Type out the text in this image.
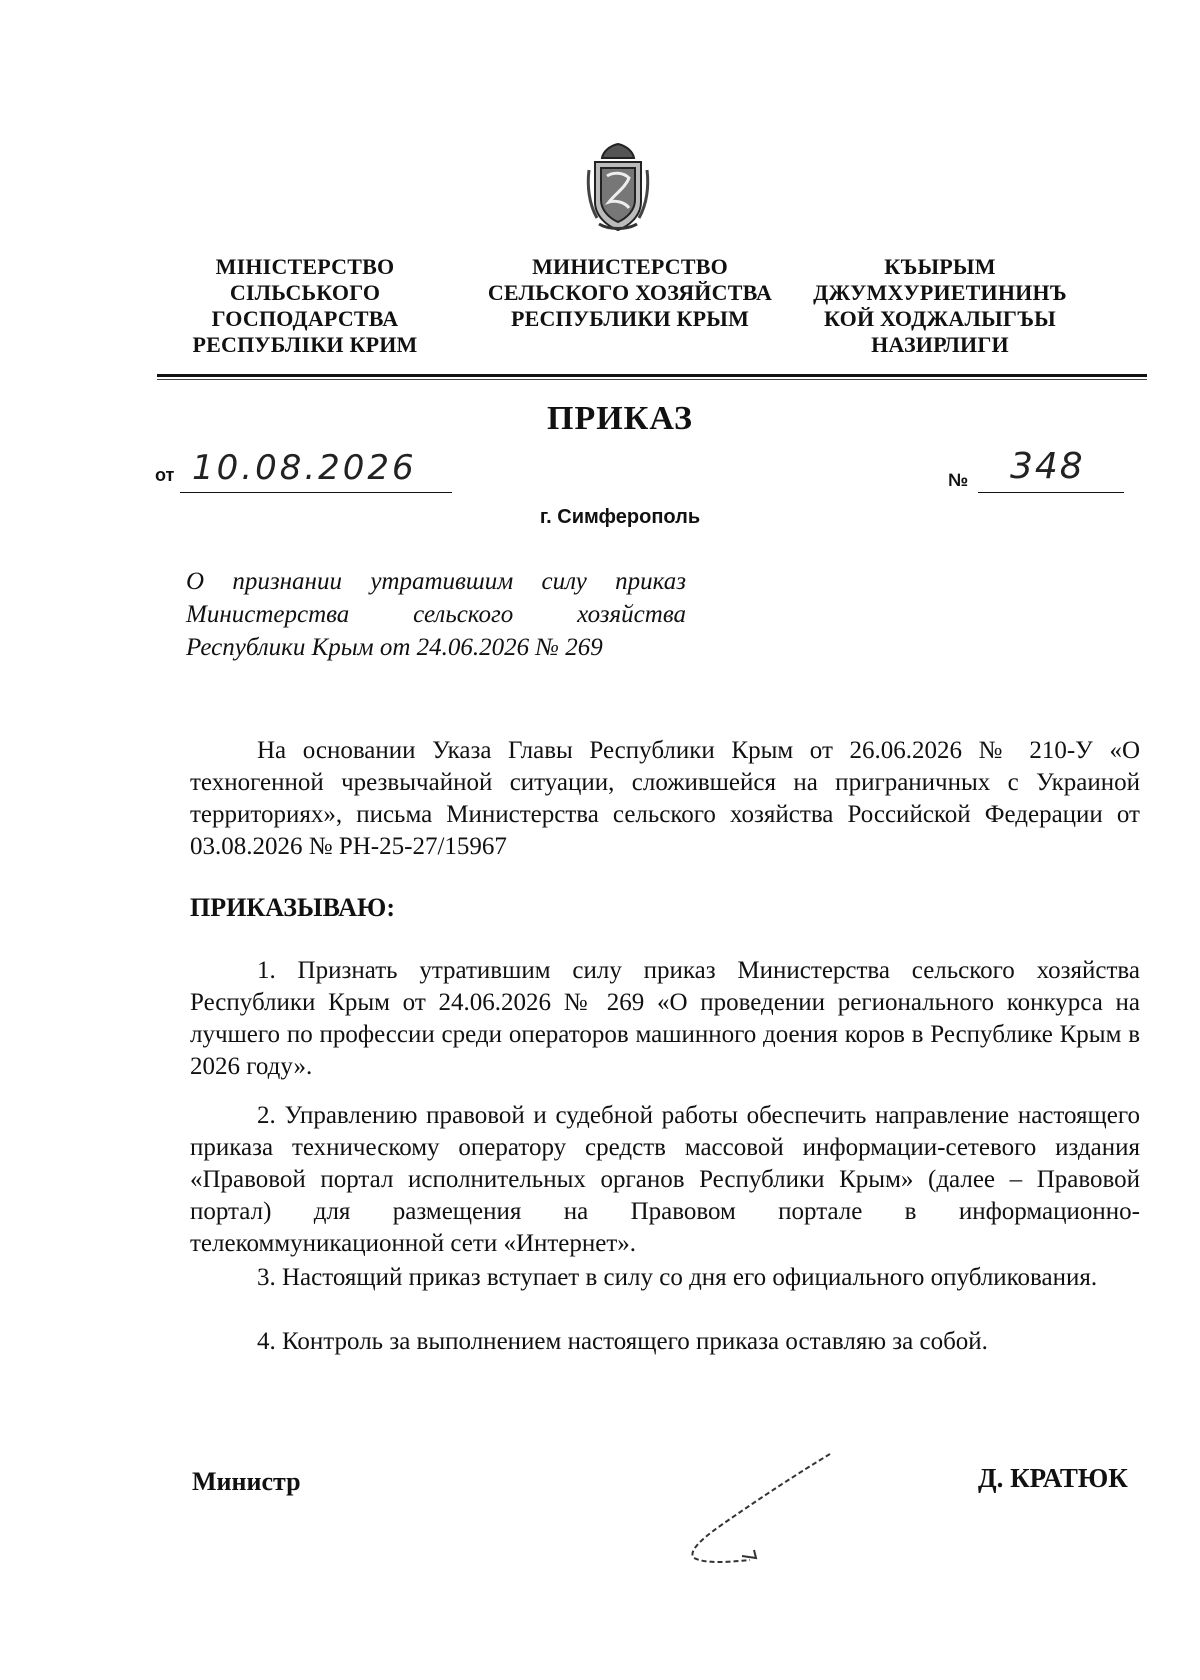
МІНІСТЕРСТВО
СІЛЬСЬКОГО
ГОСПОДАРСТВА
РЕСПУБЛІКИ КРИМ
МИНИСТЕРСТВО
СЕЛЬСКОГО ХОЗЯЙСТВА
РЕСПУБЛИКИ КРЫМ
КЪЫРЫМ
ДЖУМХУРИЕТИНИНЪ
КОЙ ХОДЖАЛЫГЪЫ
НАЗИРЛИГИ
ПРИКАЗ
от 10.08.2026	№ 348
г. Симферополь
О признании утратившим силу приказ
Министерства сельского хозяйства
Республики Крым от 24.06.2026 № 269
На основании Указа Главы Республики Крым от 26.06.2026 № 210-У «О техногенной чрезвычайной ситуации, сложившейся на приграничных с Украиной территориях», письма Министерства сельского хозяйства Российской Федерации от 03.08.2026 № РН-25-27/15967
ПРИКАЗЫВАЮ:
1. Признать утратившим силу приказ Министерства сельского хозяйства Республики Крым от 24.06.2026 № 269 «О проведении регионального конкурса на лучшего по профессии среди операторов машинного доения коров в Республике Крым в 2026 году».
2. Управлению правовой и судебной работы обеспечить направление настоящего приказа техническому оператору средств массовой информации-сетевого издания «Правовой портал исполнительных органов Республики Крым» (далее – Правовой портал) для размещения на Правовом портале в информационно-телекоммуникационной сети «Интернет».
3. Настоящий приказ вступает в силу со дня его официального опубликования.
4. Контроль за выполнением настоящего приказа оставляю за собой.
Министр	Д. КРАТЮК
